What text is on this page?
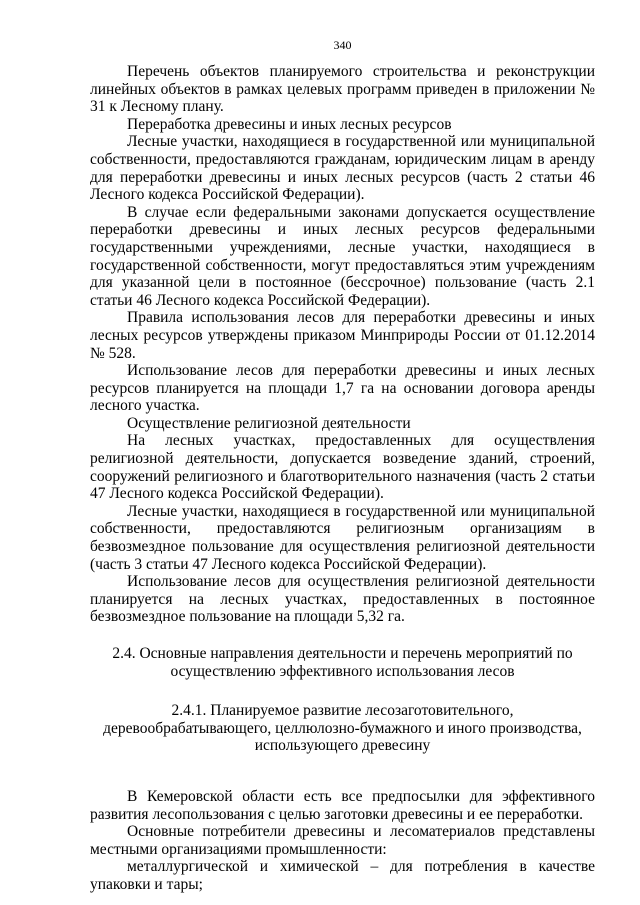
340

Перечень объектов планируемого строительства и реконструкции линейных объектов в рамках целевых программ приведен в приложении № 31 к Лесному плану.

Переработка древесины и иных лесных ресурсов

Лесные участки, находящиеся в государственной или муниципальной собственности, предоставляются гражданам, юридическим лицам в аренду для переработки древесины и иных лесных ресурсов (часть 2 статьи 46 Лесного кодекса Российской Федерации).

В случае если федеральными законами допускается осуществление переработки древесины и иных лесных ресурсов федеральными государственными учреждениями, лесные участки, находящиеся в государственной собственности, могут предоставляться этим учреждениям для указанной цели в постоянное (бессрочное) пользование (часть 2.1 статьи 46 Лесного кодекса Российской Федерации).

Правила использования лесов для переработки древесины и иных лесных ресурсов утверждены приказом Минприроды России от 01.12.2014 № 528.

Использование лесов для переработки древесины и иных лесных ресурсов планируется на площади 1,7 га на основании договора аренды лесного участка.

Осуществление религиозной деятельности

На лесных участках, предоставленных для осуществления религиозной деятельности, допускается возведение зданий, строений, сооружений религиозного и благотворительного назначения (часть 2 статьи 47 Лесного кодекса Российской Федерации).

Лесные участки, находящиеся в государственной или муниципальной собственности, предоставляются религиозным организациям в безвозмездное пользование для осуществления религиозной деятельности (часть 3 статьи 47 Лесного кодекса Российской Федерации).

Использование лесов для осуществления религиозной деятельности планируется на лесных участках, предоставленных в постоянное безвозмездное пользование на площади 5,32 га.

2.4. Основные направления деятельности и перечень мероприятий по осуществлению эффективного использования лесов

2.4.1. Планируемое развитие лесозаготовительного, деревообрабатывающего, целлюлозно-бумажного и иного производства, использующего древесину

В Кемеровской области есть все предпосылки для эффективного развития лесопользования с целью заготовки древесины и ее переработки.

Основные потребители древесины и лесоматериалов представлены местными организациями промышленности:

металлургической и химической – для потребления в качестве упаковки и тары;
